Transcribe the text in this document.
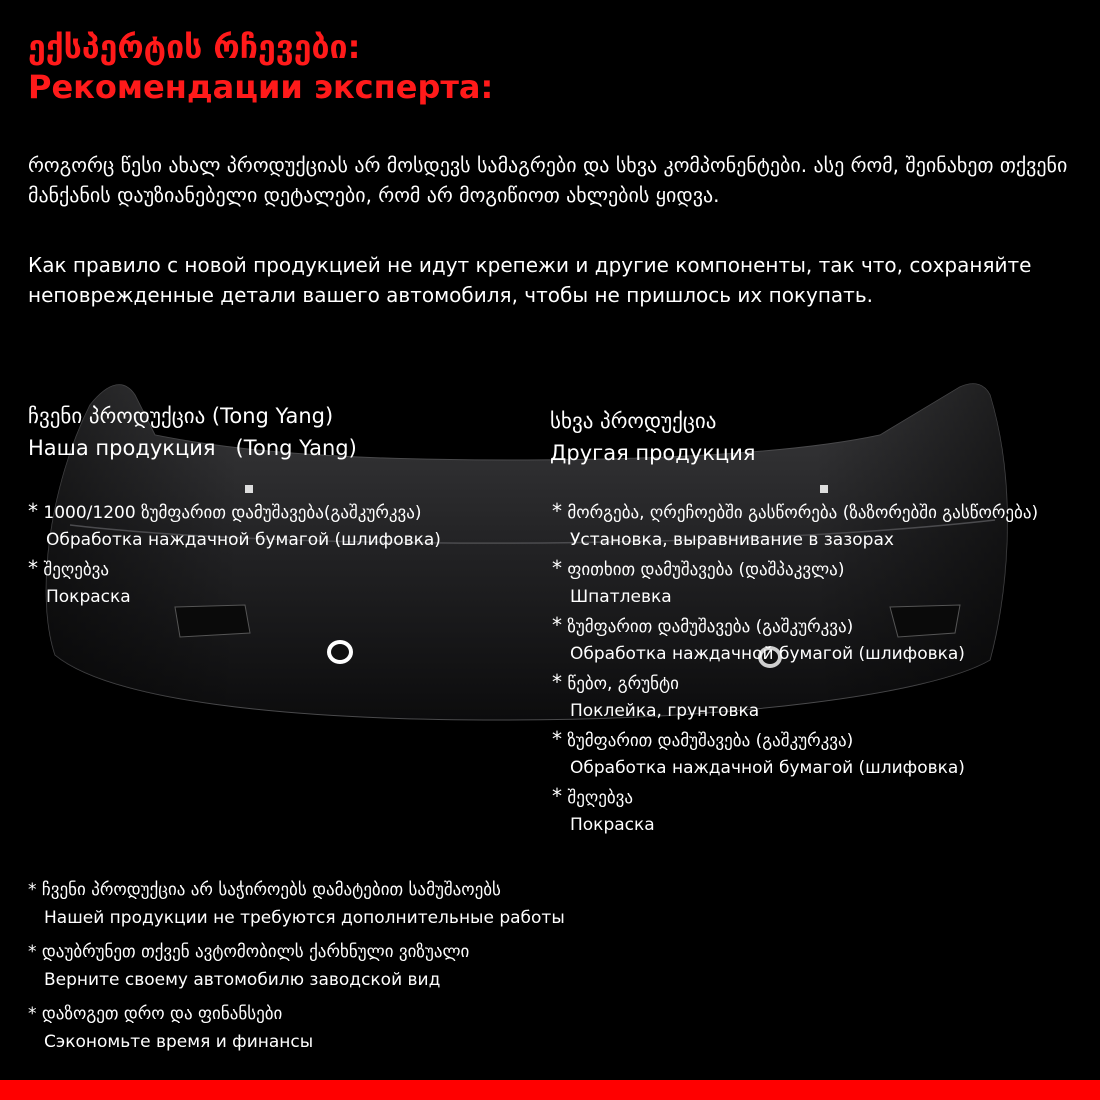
ექსპერტის რჩევები:
Рекомендации эксперта:
როგორც წესი ახალ პროდუქციას არ მოსდევს სამაგრები და სხვა კომპონენტები. ასე რომ, შეინახეთ თქვენი მანქანის დაუზიანებელი დეტალები, რომ არ მოგიწიოთ ახლების ყიდვა.
Как правило с новой продукцией не идут крепежи и другие компоненты, так что, сохраняйте неповрежденные детали вашего автомобиля, чтобы не пришлось их покупать.
ჩვენი პროდუქცია (Tong Yang)
Наша продукция   (Tong Yang)
სხვა პროდუქცია
Другая продукция
* 1000/1200 ზუმფარით დამუშავება(გაშკურკვა)
Обработка наждачной бумагой (шлифовка)
* შეღებვა
Покраска
* მორგება, ღრეჩოებში გასწორება (ზაზორებში გასწორება)
Установка, выравнивание в зазорах
* ფითხით დამუშავება (დაშპაკვლა)
Шпатлевка
* ზუმფარით დამუშავება (გაშკურკვა)
Обработка наждачной бумагой (шлифовка)
* წებო, გრუნტი
Поклейка, грунтовка
* ზუმფარით დამუშავება (გაშკურკვა)
Обработка наждачной бумагой (шлифовка)
* შეღებვა
Покраска
* ჩვენი პროდუქცია არ საჭიროებს დამატებით სამუშაოებს
Нашей продукции не требуются дополнительные работы
* დაუბრუნეთ თქვენ ავტომობილს ქარხნული ვიზუალი
Верните своему автомобилю заводской вид
* დაზოგეთ დრო და ფინანსები
Сэкономьте время и финансы
